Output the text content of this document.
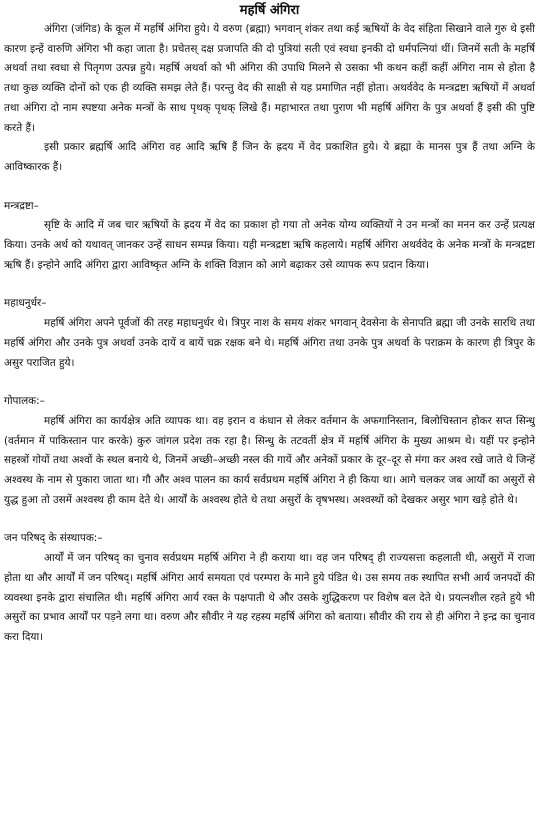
महर्षि अंगिरा

अंगिरा (जंगिड) के कूल में महर्षि अंगिरा हुये। ये वरुण (ब्रह्मा) भगवान् शंकर तथा कई ऋषियों के वेद संहिता सिखाने वाले गुरु थे इसी कारण इन्हें वारुणि अंगिरा भी कहा जाता है। प्रचेतस् दक्ष प्रजापति की दो पुत्रियां सती एवं स्वधा इनकी दो धर्मपत्नियां थीं। जिनमें सती के महर्षि अथर्वा तथा स्वधा से पितृगण उत्पन्न हुये। महर्षि अथर्वा को भी अंगिरा की उपाधि मिलने से उसका भी कथन कहीं कहीं अंगिरा नाम से होता है तथा कुछ व्यक्ति दोनों को एक ही व्यक्ति समझ लेते हैं। परन्तु वेद की साक्षी से यह प्रमाणित नहीं होता। अथर्ववेद के मन्त्रद्रष्टा ऋषियों में अथर्वा तथा अंगिरा दो नाम स्पष्टया अनेक मन्त्रों के साथ पृथक् पृथक् लिखे हैं। महाभारत तथा पुराण भी महर्षि अंगिरा के पुत्र अथर्वा हैं इसी की पुष्टि करते हैं।

इसी प्रकार ब्रह्मर्षि आदि अंगिरा वह आदि ऋषि हैं जिन के ह्रदय में वेद प्रकाशित हुये। ये ब्रह्मा के मानस पुत्र हैं तथा अग्नि के आविष्कारक हैं।

मन्त्रद्रष्टा–

सृष्टि के आदि में जब चार ऋषियों के ह्रदय में वेद का प्रकाश हो गया तो अनेक योग्य व्यक्तियों ने उन मन्त्रों का मनन कर उन्हें प्रत्यक्ष किया। उनके अर्थ को यथावत् जानकर उन्हें साधन सम्पन्न किया। यही मन्त्रद्रष्टा ऋषि कहलाये। महर्षि अंगिरा अथर्ववेद के अनेक मन्त्रों के मन्त्रद्रष्टा ऋषि हैं। इन्होने आदि अंगिरा द्वारा आविष्कृत अग्नि के शक्ति विज्ञान को आगे बढ़ाकर उसे व्यापक रूप प्रदान किया।

महाधनुर्धर–

महर्षि अंगिरा अपने पूर्वजों की तरह महाधनुर्धर थे। त्रिपुर नाश के समय शंकर भगवान् देवसेना के सेनापति ब्रह्मा जी उनके सारथि तथा महर्षि अंगिरा और उनके पुत्र अथर्वा उनके दायें व बायें चक्र रक्षक बने थे। महर्षि अंगिरा तथा उनके पुत्र अथर्वा के पराक्रम के कारण ही त्रिपुर के असुर पराजित हुये।

गोपालक:–

महर्षि अंगिरा का कार्यक्षेत्र अति व्यापक था। वह इरान व कंधान से लेकर वर्तमान के अफगानिस्तान, बिलोचिस्तान होकर सप्त सिन्धु (वर्तमान में पाकिस्तान पार करके) कुरु जांगल प्रदेश तक रहा है। सिन्धु के तटवर्ती क्षेत्र में महर्षि अंगिरा के मुख्य आश्रम थे। यहीं पर इन्होने सहस्त्रों गोयों तथा अश्वों के स्थल बनाये थे, जिनमें अच्छी–अच्छी नस्ल की गायें और अनेकों प्रकार के दूर–दूर से मंगा कर अश्व रखे जाते थे जिन्हें अश्वस्थ के नाम से पुकारा जाता था। गौ और अश्व पालन का कार्य सर्वप्रथम महर्षि अंगिरा ने ही किया था। आगे चलकर जब आर्यों का असुरों से युद्ध हुआ तो उसमें अश्वस्थ ही काम देते थे। आर्यों के अश्वस्थ होते थे तथा असुरों के वृषभस्थ। अश्वस्थों को देखकर असुर भाग खड़े होते थे।

जन परिषद् के संस्थापक:–

आर्यों में जन परिषद् का चुनाव सर्वप्रथम महर्षि अंगिरा ने ही कराया था। वह जन परिषद् ही राज्यसत्ता कहलाती थी, असुरों में राजा होता था और आर्यों में जन परिषद्। महर्षि अंगिरा आर्य समयता एवं परम्परा के माने हुये पंडित थे। उस समय तक स्थापित सभी आर्य जनपदों की व्यवस्था इनके द्वारा संचालित थी। महर्षि अंगिरा आर्य रक्त के पक्षपाती थे और उसके शुद्धिकरण पर विशेष बल देते थे। प्रयत्नशील रहते हुये भी असुरों का प्रभाव आर्यों पर पड़ने लगा था। वरुण और सौवीर ने यह रहस्य महर्षि अंगिरा को बताया। सौवीर की राय से ही अंगिरा ने इन्द्र का चुनाव करा दिया।
